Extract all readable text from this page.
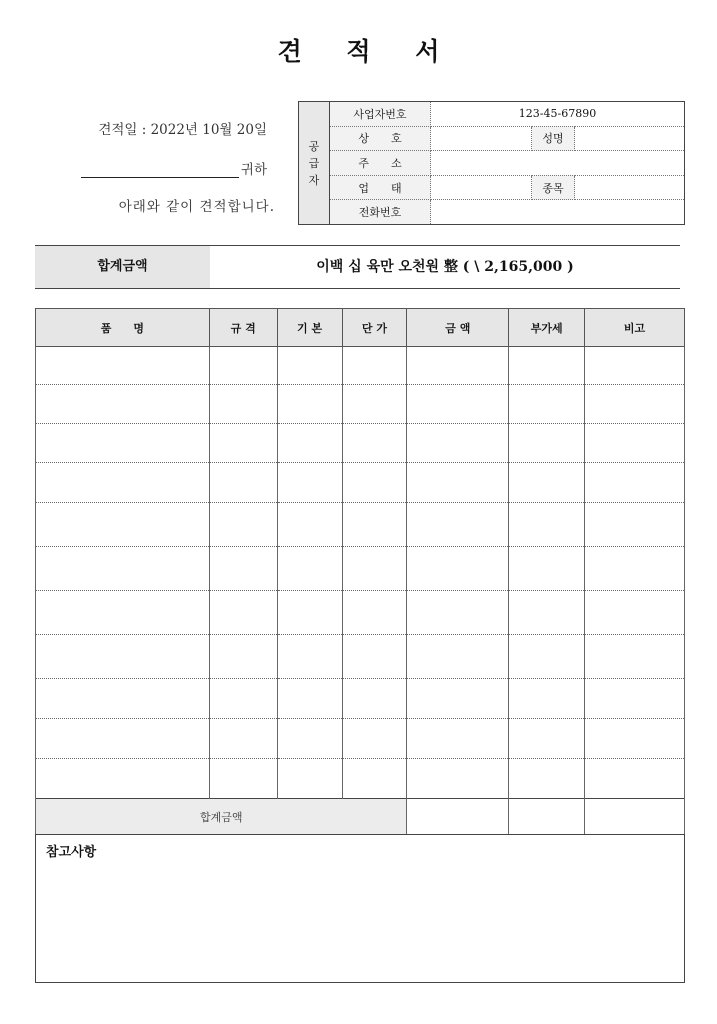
견 적 서
견적일 : 2022년 10월 20일
귀하
아래와 같이 견적합니다.
공
급
자	사업자번호	123-45-67890		
	상　　호		성명	
	주　　소			
	업　　태		종목	
	전화번호			
합계금액	이백 십 육만 오천원 整 ( \ 2,165,000 )
품　　명	규 격	기 본	단 가	금 액	부가세	비고

합계금액						
참고사항
